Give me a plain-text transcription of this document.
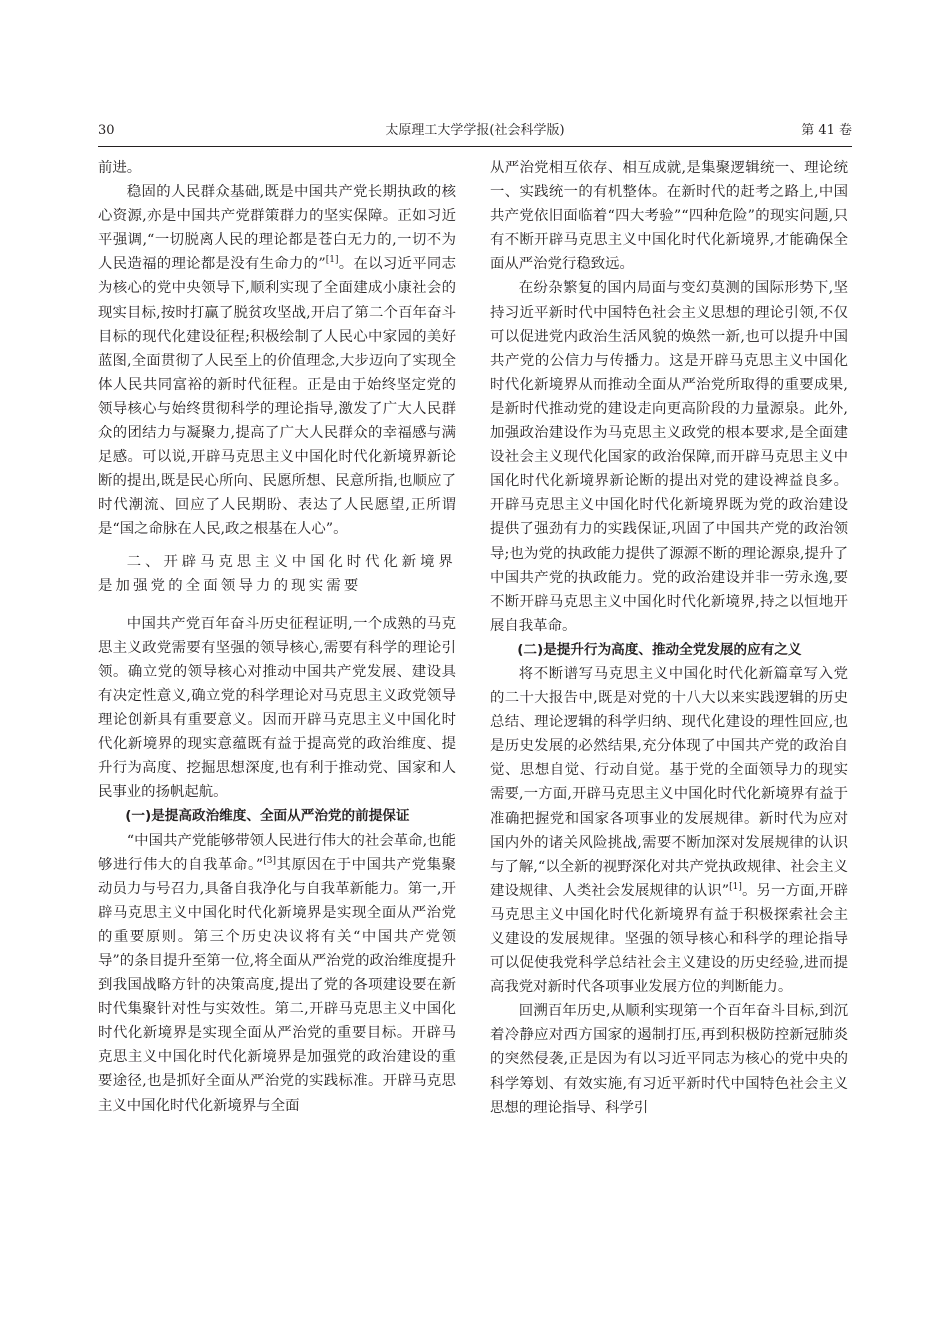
30	太原理工大学学报(社会科学版)	第 41 卷

前进。

稳固的人民群众基础,既是中国共产党长期执政的核心资源,亦是中国共产党群策群力的坚实保障。正如习近平强调,“一切脱离人民的理论都是苍白无力的,一切不为人民造福的理论都是没有生命力的”[1]。在以习近平同志为核心的党中央领导下,顺利实现了全面建成小康社会的现实目标,按时打赢了脱贫攻坚战,开启了第二个百年奋斗目标的现代化建设征程;积极绘制了人民心中家园的美好蓝图,全面贯彻了人民至上的价值理念,大步迈向了实现全体人民共同富裕的新时代征程。正是由于始终坚定党的领导核心与始终贯彻科学的理论指导,激发了广大人民群众的团结力与凝聚力,提高了广大人民群众的幸福感与满足感。可以说,开辟马克思主义中国化时代化新境界新论断的提出,既是民心所向、民愿所想、民意所指,也顺应了时代潮流、回应了人民期盼、表达了人民愿望,正所谓是“国之命脉在人民,政之根基在人心”。

二、开辟马克思主义中国化时代化新境界是加强党的全面领导力的现实需要

中国共产党百年奋斗历史征程证明,一个成熟的马克思主义政党需要有坚强的领导核心,需要有科学的理论引领。确立党的领导核心对推动中国共产党发展、建设具有决定性意义,确立党的科学理论对马克思主义政党领导理论创新具有重要意义。因而开辟马克思主义中国化时代化新境界的现实意蕴既有益于提高党的政治维度、提升行为高度、挖掘思想深度,也有利于推动党、国家和人民事业的扬帆起航。

(一)是提高政治维度、全面从严治党的前提保证

“中国共产党能够带领人民进行伟大的社会革命,也能够进行伟大的自我革命。”[3]其原因在于中国共产党集聚动员力与号召力,具备自我净化与自我革新能力。第一,开辟马克思主义中国化时代化新境界是实现全面从严治党的重要原则。第三个历史决议将有关“中国共产党领导”的条目提升至第一位,将全面从严治党的政治维度提升到我国战略方针的决策高度,提出了党的各项建设要在新时代集聚针对性与实效性。第二,开辟马克思主义中国化时代化新境界是实现全面从严治党的重要目标。开辟马克思主义中国化时代化新境界是加强党的政治建设的重要途径,也是抓好全面从严治党的实践标准。开辟马克思主义中国化时代化新境界与全面

从严治党相互依存、相互成就,是集聚逻辑统一、理论统一、实践统一的有机整体。在新时代的赶考之路上,中国共产党依旧面临着“四大考验”“四种危险”的现实问题,只有不断开辟马克思主义中国化时代化新境界,才能确保全面从严治党行稳致远。

在纷杂繁复的国内局面与变幻莫测的国际形势下,坚持习近平新时代中国特色社会主义思想的理论引领,不仅可以促进党内政治生活风貌的焕然一新,也可以提升中国共产党的公信力与传播力。这是开辟马克思主义中国化时代化新境界从而推动全面从严治党所取得的重要成果,是新时代推动党的建设走向更高阶段的力量源泉。此外,加强政治建设作为马克思主义政党的根本要求,是全面建设社会主义现代化国家的政治保障,而开辟马克思主义中国化时代化新境界新论断的提出对党的建设裨益良多。开辟马克思主义中国化时代化新境界既为党的政治建设提供了强劲有力的实践保证,巩固了中国共产党的政治领导;也为党的执政能力提供了源源不断的理论源泉,提升了中国共产党的执政能力。党的政治建设并非一劳永逸,要不断开辟马克思主义中国化时代化新境界,持之以恒地开展自我革命。

(二)是提升行为高度、推动全党发展的应有之义

将不断谱写马克思主义中国化时代化新篇章写入党的二十大报告中,既是对党的十八大以来实践逻辑的历史总结、理论逻辑的科学归纳、现代化建设的理性回应,也是历史发展的必然结果,充分体现了中国共产党的政治自觉、思想自觉、行动自觉。基于党的全面领导力的现实需要,一方面,开辟马克思主义中国化时代化新境界有益于准确把握党和国家各项事业的发展规律。新时代为应对国内外的诸关风险挑战,需要不断加深对发展规律的认识与了解,“以全新的视野深化对共产党执政规律、社会主义建设规律、人类社会发展规律的认识”[1]。另一方面,开辟马克思主义中国化时代化新境界有益于积极探索社会主义建设的发展规律。坚强的领导核心和科学的理论指导可以促使我党科学总结社会主义建设的历史经验,进而提高我党对新时代各项事业发展方位的判断能力。

回溯百年历史,从顺利实现第一个百年奋斗目标,到沉着冷静应对西方国家的遏制打压,再到积极防控新冠肺炎的突然侵袭,正是因为有以习近平同志为核心的党中央的科学筹划、有效实施,有习近平新时代中国特色社会主义思想的理论指导、科学引
